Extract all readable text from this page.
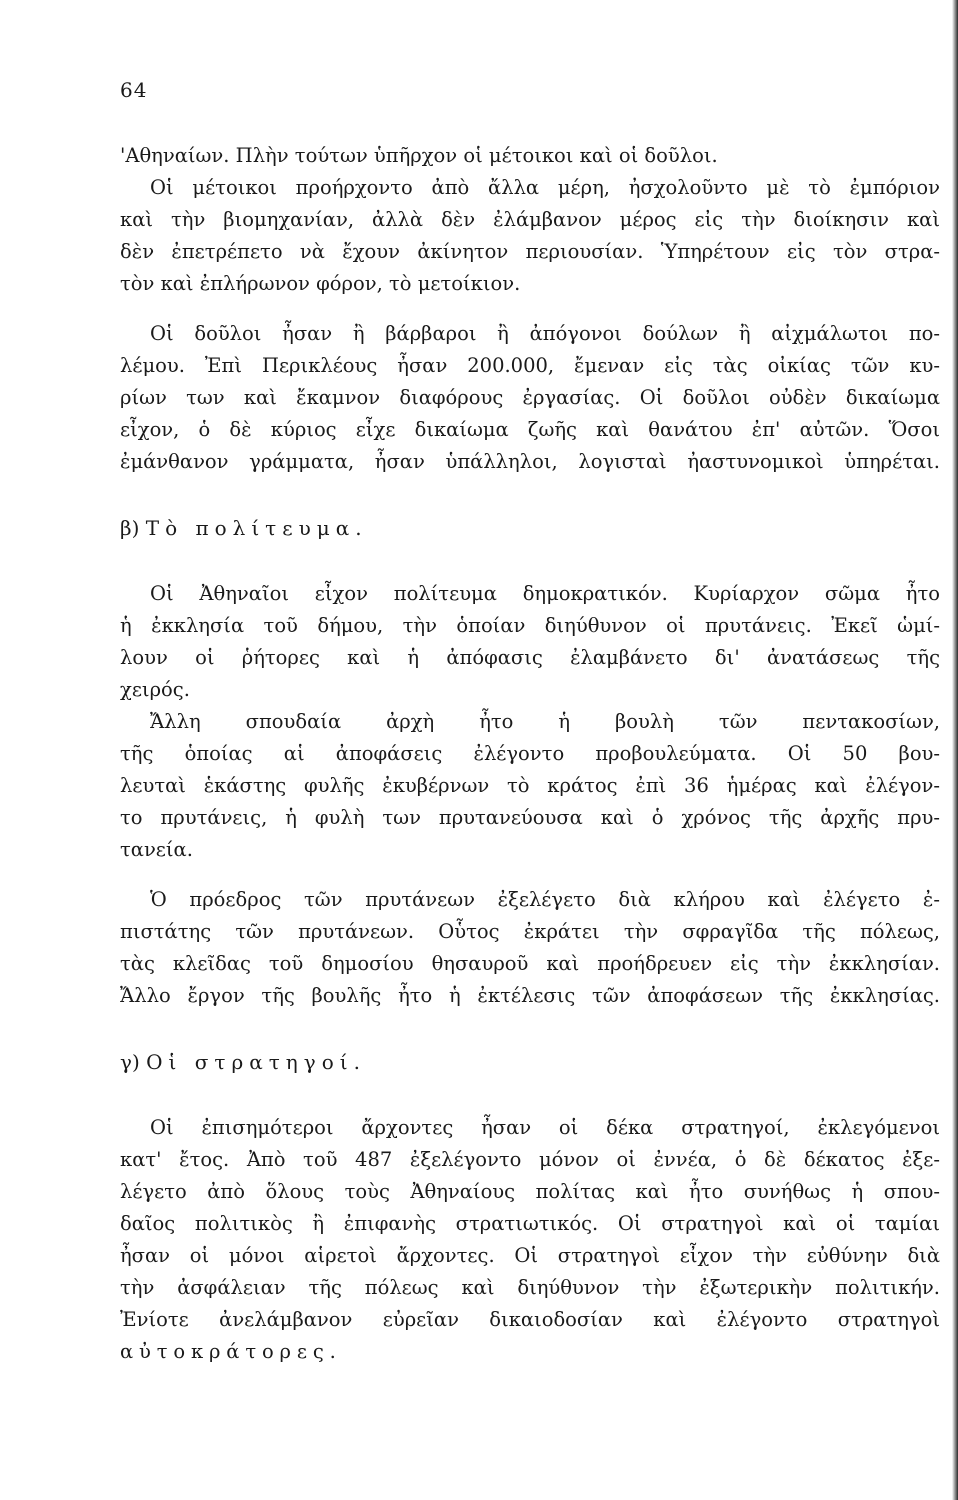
64
'Αθηναίων. Πλὴν τούτων ὑπῆρχον οἱ μέτοικοι καὶ οἱ δοῦλοι.
Οἱ μέτοικοι προήρχοντο ἀπὸ ἄλλα μέρη, ἠσχολοῦντο μὲ τὸ ἐμπόριον
καὶ τὴν βιομηχανίαν, ἀλλὰ δὲν ἐλάμβανον μέρος εἰς τὴν διοίκησιν καὶ
δὲν ἐπετρέπετο νὰ ἔχουν ἀκίνητον περιουσίαν. Ὑπηρέτουν εἰς τὸν στρα-
τὸν καὶ ἐπλήρωνον φόρον, τὸ μετοίκιον.
Οἱ δοῦλοι ἦσαν ἢ βάρβαροι ἢ ἀπόγονοι δούλων ἢ αἰχμάλωτοι πο-
λέμου. Ἐπὶ Περικλέους ἦσαν 200.000, ἔμεναν εἰς τὰς οἰκίας τῶν κυ-
ρίων των καὶ ἔκαμνον διαφόρους ἐργασίας. Οἱ δοῦλοι οὐδὲν δικαίωμα
εἶχον, ὁ δὲ κύριος εἶχε δικαίωμα ζωῆς καὶ θανάτου ἐπ' αὐτῶν. Ὅσοι
ἐμάνθανον γράμματα, ἦσαν ὑπάλληλοι, λογισταὶ ἠαστυνομικοὶ ὑπηρέται.
β) Τὸ πολίτευμα.
Οἱ Ἀθηναῖοι εἶχον πολίτευμα δημοκρατικόν. Κυρίαρχον σῶμα ἦτο
ἡ ἐκκλησία τοῦ δήμου, τὴν ὁποίαν διηύθυνον οἱ πρυτάνεις. Ἐκεῖ ὡμί-
λουν οἱ ῥήτορες καὶ ἡ ἀπόφασις ἐλαμβάνετο δι' ἀνατάσεως τῆς
χειρός.
Ἄλλη σπουδαία ἀρχὴ ἦτο ἡ βουλὴ τῶν πεντακοσίων,
τῆς ὁποίας αἱ ἀποφάσεις ἐλέγοντο προβουλεύματα. Οἱ 50 βου-
λευταὶ ἑκάστης φυλῆς ἐκυβέρνων τὸ κράτος ἐπὶ 36 ἡμέρας καὶ ἐλέγον-
το πρυτάνεις, ἡ φυλὴ των πρυτανεύουσα καὶ ὁ χρόνος τῆς ἀρχῆς πρυ-
τανεία.
Ὁ πρόεδρος τῶν πρυτάνεων ἐξελέγετο διὰ κλήρου καὶ ἐλέγετο ἐ-
πιστάτης τῶν πρυτάνεων. Οὗτος ἐκράτει τὴν σφραγῖδα τῆς πόλεως,
τὰς κλεῖδας τοῦ δημοσίου θησαυροῦ καὶ προήδρευεν εἰς τὴν ἐκκλησίαν.
Ἄλλο ἔργον τῆς βουλῆς ἦτο ἡ ἐκτέλεσις τῶν ἀποφάσεων τῆς ἐκκλησίας.
γ) Οἱ στρατηγοί.
Οἱ ἐπισημότεροι ἄρχοντες ἦσαν οἱ δέκα στρατηγοί, ἐκλεγόμενοι
κατ' ἔτος. Ἀπὸ τοῦ 487 ἐξελέγοντο μόνον οἱ ἐννέα, ὁ δὲ δέκατος ἐξε-
λέγετο ἀπὸ ὅλους τοὺς Ἀθηναίους πολίτας καὶ ἦτο συνήθως ἡ σπου-
δαῖος πολιτικὸς ἢ ἐπιφανὴς στρατιωτικός. Οἱ στρατηγοὶ καὶ οἱ ταμίαι
ἦσαν οἱ μόνοι αἱρετοὶ ἄρχοντες. Οἱ στρατηγοὶ εἶχον τὴν εὐθύνην διὰ
τὴν ἀσφάλειαν τῆς πόλεως καὶ διηύθυνον τὴν ἐξωτερικὴν πολιτικήν.
Ἐνίοτε ἀνελάμβανον εὐρεῖαν δικαιοδοσίαν καὶ ἐλέγοντο στρατηγοὶ
αὐτοκράτορες.
